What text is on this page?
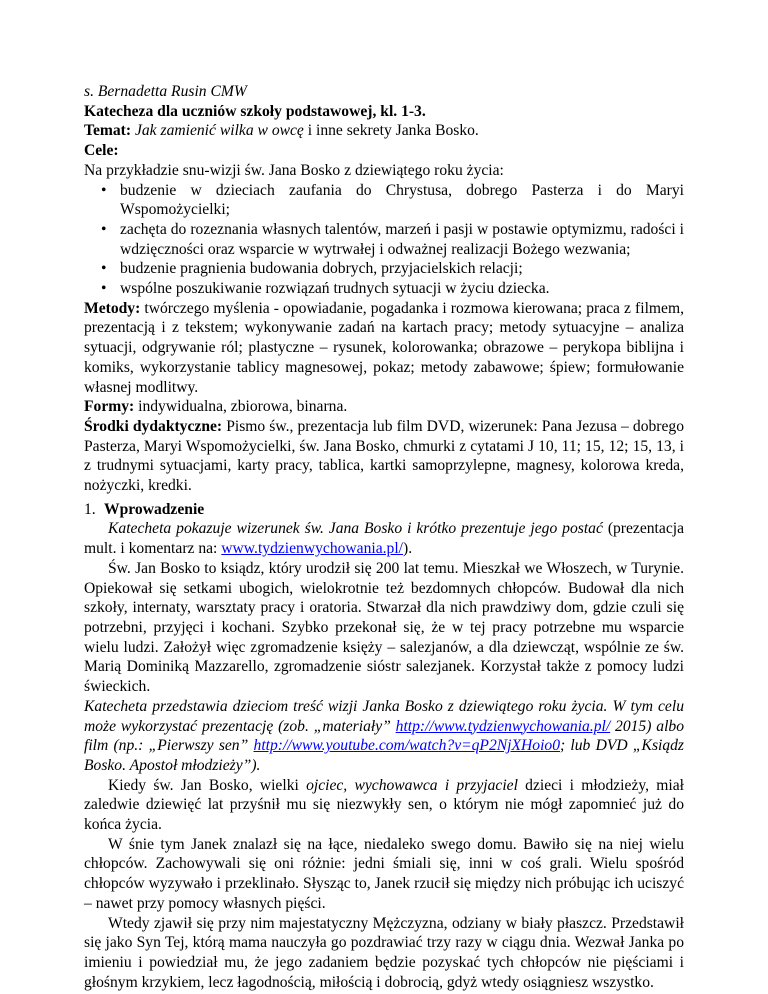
s. Bernadetta Rusin CMW

Katecheza dla uczniów szkoły podstawowej, kl. 1-3.

Temat: Jak zamienić wilka w owcę i inne sekrety Janka Bosko.

Cele:

Na przykładzie snu-wizji św. Jana Bosko z dziewiątego roku życia:

• budzenie w dzieciach zaufania do Chrystusa, dobrego Pasterza i do Maryi Wspomożycielki;
• zachęta do rozeznania własnych talentów, marzeń i pasji w postawie optymizmu, radości i wdzięczności oraz wsparcie w wytrwałej i odważnej realizacji Bożego wezwania;
• budzenie pragnienia budowania dobrych, przyjacielskich relacji;
• wspólne poszukiwanie rozwiązań trudnych sytuacji w życiu dziecka.

Metody: twórczego myślenia - opowiadanie, pogadanka i rozmowa kierowana; praca z filmem, prezentacją i z tekstem; wykonywanie zadań na kartach pracy; metody sytuacyjne – analiza sytuacji, odgrywanie ról; plastyczne – rysunek, kolorowanka; obrazowe – perykopa biblijna i komiks, wykorzystanie tablicy magnesowej, pokaz; metody zabawowe; śpiew; formułowanie własnej modlitwy.

Formy: indywidualna, zbiorowa, binarna.

Środki dydaktyczne: Pismo św., prezentacja lub film DVD, wizerunek: Pana Jezusa – dobrego Pasterza, Maryi Wspomożycielki, św. Jana Bosko, chmurki z cytatami J 10, 11; 15, 12; 15, 13, i z trudnymi sytuacjami, karty pracy, tablica, kartki samoprzylepne, magnesy, kolorowa kreda, nożyczki, kredki.

1. Wprowadzenie

Katecheta pokazuje wizerunek św. Jana Bosko i krótko prezentuje jego postać (prezentacja mult. i komentarz na: www.tydzienwychowania.pl/).

Św. Jan Bosko to ksiądz, który urodził się 200 lat temu. Mieszkał we Włoszech, w Turynie. Opiekował się setkami ubogich, wielokrotnie też bezdomnych chłopców. Budował dla nich szkoły, internaty, warsztaty pracy i oratoria. Stwarzał dla nich prawdziwy dom, gdzie czuli się potrzebni, przyjęci i kochani. Szybko przekonał się, że w tej pracy potrzebne mu wsparcie wielu ludzi. Założył więc zgromadzenie księży – salezjanów, a dla dziewcząt, wspólnie ze św. Marią Dominiką Mazzarello, zgromadzenie sióstr salezjanek. Korzystał także z pomocy ludzi świeckich.

Katecheta przedstawia dzieciom treść wizji Janka Bosko z dziewiątego roku życia. W tym celu może wykorzystać prezentację (zob. „materiały” http://www.tydzienwychowania.pl/ 2015) albo film (np.: „Pierwszy sen” http://www.youtube.com/watch?v=qP2NjXHoio0; lub DVD „Ksiądz Bosko. Apostoł młodzieży”).

Kiedy św. Jan Bosko, wielki ojciec, wychowawca i przyjaciel dzieci i młodzieży, miał zaledwie dziewięć lat przyśnił mu się niezwykły sen, o którym nie mógł zapomnieć już do końca życia.

W śnie tym Janek znalazł się na łące, niedaleko swego domu. Bawiło się na niej wielu chłopców. Zachowywali się oni różnie: jedni śmiali się, inni w coś grali. Wielu spośród chłopców wyzywało i przeklinało. Słysząc to, Janek rzucił się między nich próbując ich uciszyć – nawet przy pomocy własnych pięści.

Wtedy zjawił się przy nim majestatyczny Mężczyzna, odziany w biały płaszcz. Przedstawił się jako Syn Tej, którą mama nauczyła go pozdrawiać trzy razy w ciągu dnia. Wezwał Janka po imieniu i powiedział mu, że jego zadaniem będzie pozyskać tych chłopców nie pięściami i głośnym krzykiem, lecz łagodnością, miłością i dobrocią, gdyż wtedy osiągniesz wszystko.
